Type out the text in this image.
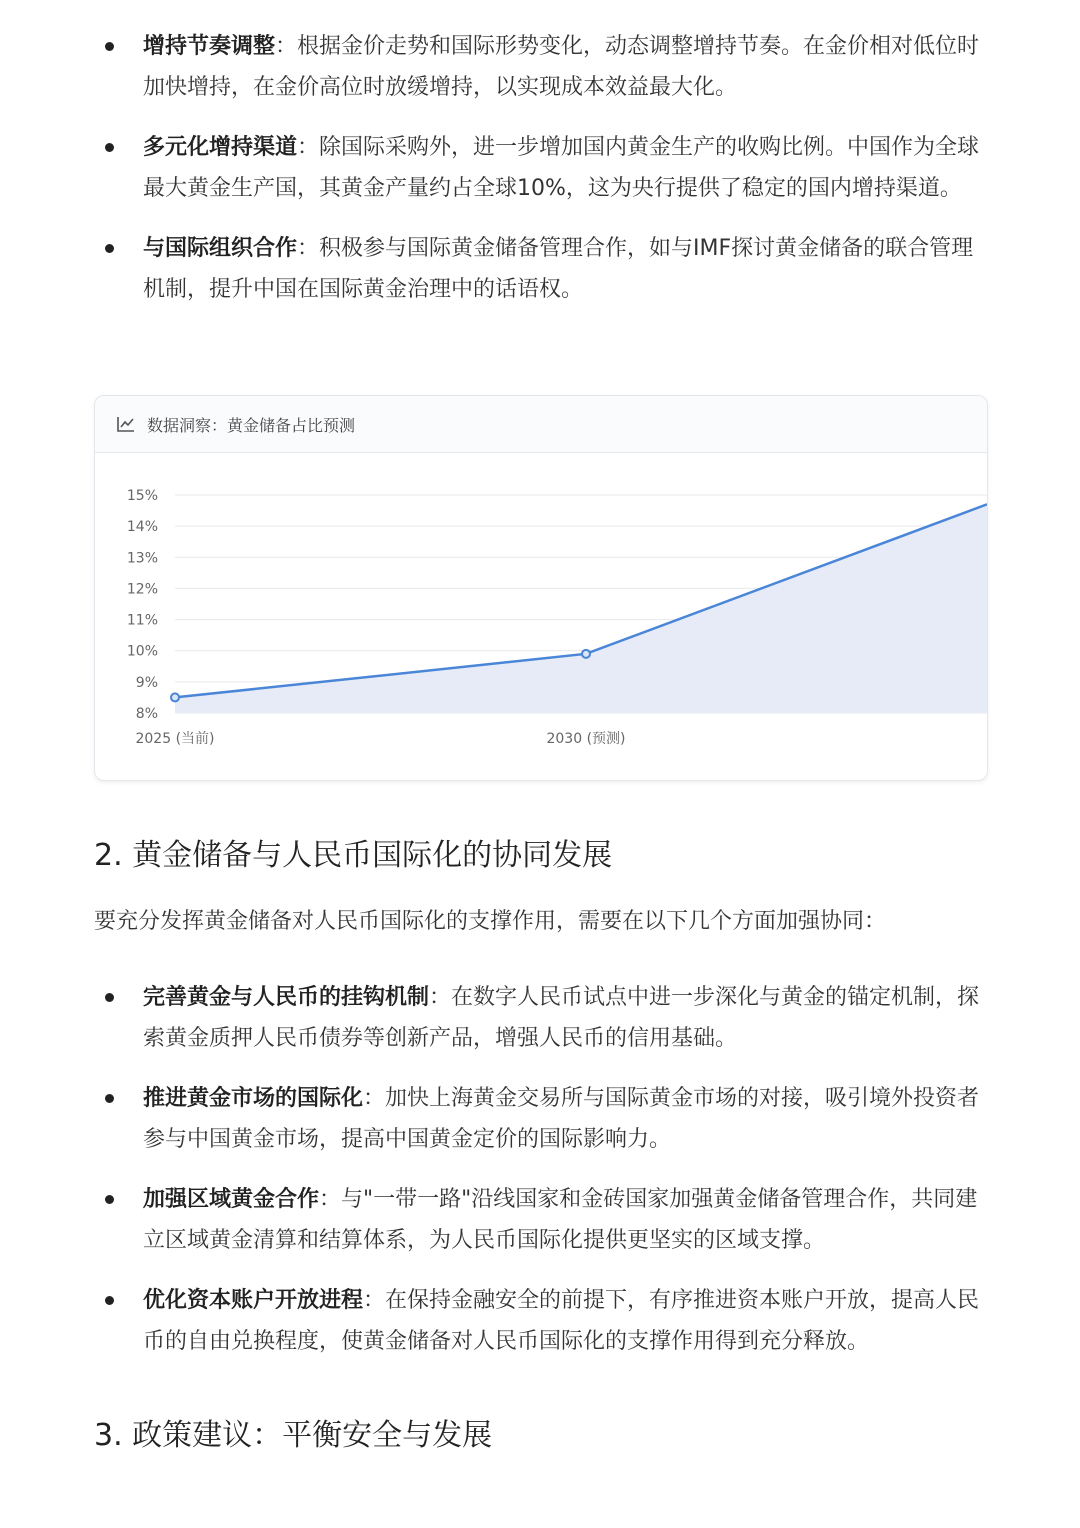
增持节奏调整：根据金价走势和国际形势变化，动态调整增持节奏。在金价相对低位时加快增持，在金价高位时放缓增持，以实现成本效益最大化。
多元化增持渠道：除国际采购外，进一步增加国内黄金生产的收购比例。中国作为全球最大黄金生产国，其黄金产量约占全球10%，这为央行提供了稳定的国内增持渠道。
与国际组织合作：积极参与国际黄金储备管理合作，如与IMF探讨黄金储备的联合管理机制，提升中国在国际黄金治理中的话语权。
数据洞察：黄金储备占比预测
8%
9%
10%
11%
12%
13%
14%
15%
2025 (当前)	2030 (预测)
2. 黄金储备与人民币国际化的协同发展

要充分发挥黄金储备对人民币国际化的支撑作用，需要在以下几个方面加强协同：

完善黄金与人民币的挂钩机制：在数字人民币试点中进一步深化与黄金的锚定机制，探索黄金质押人民币债券等创新产品，增强人民币的信用基础。
推进黄金市场的国际化：加快上海黄金交易所与国际黄金市场的对接，吸引境外投资者参与中国黄金市场，提高中国黄金定价的国际影响力。
加强区域黄金合作：与"一带一路"沿线国家和金砖国家加强黄金储备管理合作，共同建立区域黄金清算和结算体系，为人民币国际化提供更坚实的区域支撑。
优化资本账户开放进程：在保持金融安全的前提下，有序推进资本账户开放，提高人民币的自由兑换程度，使黄金储备对人民币国际化的支撑作用得到充分释放。
3. 政策建议：平衡安全与发展
